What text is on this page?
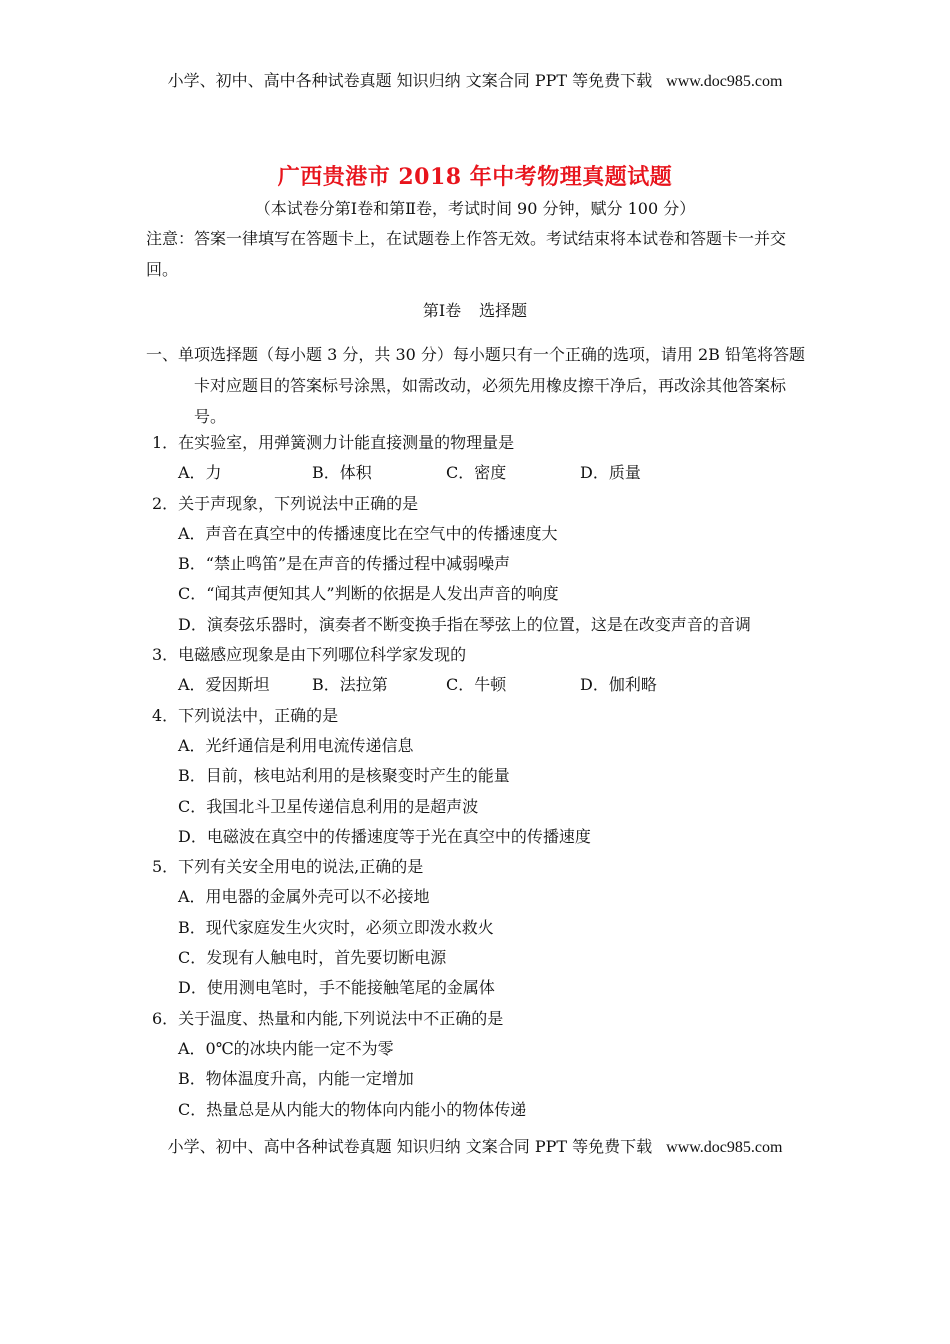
小学、初中、高中各种试卷真题 知识归纳 文案合同 PPT 等免费下载 www.doc985.com
广西贵港市 2018 年中考物理真题试题
（本试卷分第Ⅰ卷和第Ⅱ卷，考试时间 90 分钟，赋分 100 分）
注意：答案一律填写在答题卡上，在试题卷上作答无效。考试结束将本试卷和答题卡一并交回。
第Ⅰ卷 选择题
一、单项选择题（每小题 3 分，共 30 分）每小题只有一个正确的选项，请用 2B 铅笔将答题卡对应题目的答案标号涂黑，如需改动，必须先用橡皮擦干净后，再改涂其他答案标号。
1．在实验室，用弹簧测力计能直接测量的物理量是
A．力	B．体积	C．密度	D．质量
2．关于声现象，下列说法中正确的是
A．声音在真空中的传播速度比在空气中的传播速度大
B．“禁止鸣笛”是在声音的传播过程中减弱噪声
C．“闻其声便知其人”判断的依据是人发出声音的响度
D．演奏弦乐器时，演奏者不断变换手指在琴弦上的位置，这是在改变声音的音调
3．电磁感应现象是由下列哪位科学家发现的
A．爱因斯坦	B．法拉第	C．牛顿	D．伽利略
4．下列说法中，正确的是
A．光纤通信是利用电流传递信息
B．目前，核电站利用的是核聚变时产生的能量
C．我国北斗卫星传递信息利用的是超声波
D．电磁波在真空中的传播速度等于光在真空中的传播速度
5．下列有关安全用电的说法,正确的是
A．用电器的金属外壳可以不必接地
B．现代家庭发生火灾时，必须立即泼水救火
C．发现有人触电时，首先要切断电源
D．使用测电笔时，手不能接触笔尾的金属体
6．关于温度、热量和内能,下列说法中不正确的是
A．0℃的冰块内能一定不为零
B．物体温度升高，内能一定增加
C．热量总是从内能大的物体向内能小的物体传递
小学、初中、高中各种试卷真题 知识归纳 文案合同 PPT 等免费下载 www.doc985.com
